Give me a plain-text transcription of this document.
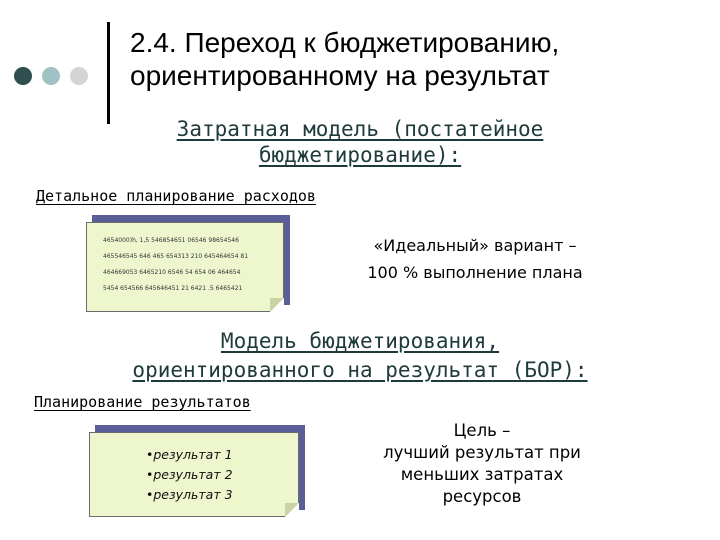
2.4. Переход к бюджетированию,
ориентированному на результат
Затратная модель (постатейное
бюджетирование):
Детальное планирование расходов
4654000)h, 1,5 546854651 06546 98654546
465546545 646 465 654313 210 645464654 81
464669053 6465210 6546 54 654 06 464654
5454 654566 645646451 21 6421 .5 6465421
«Идеальный» вариант –
100 % выполнение плана
Модель бюджетирования,
ориентированного на результат (БОР):
Планирование результатов
•результат 1
•результат 2
•результат 3
Цель –
лучший результат при
меньших затратах
ресурсов
